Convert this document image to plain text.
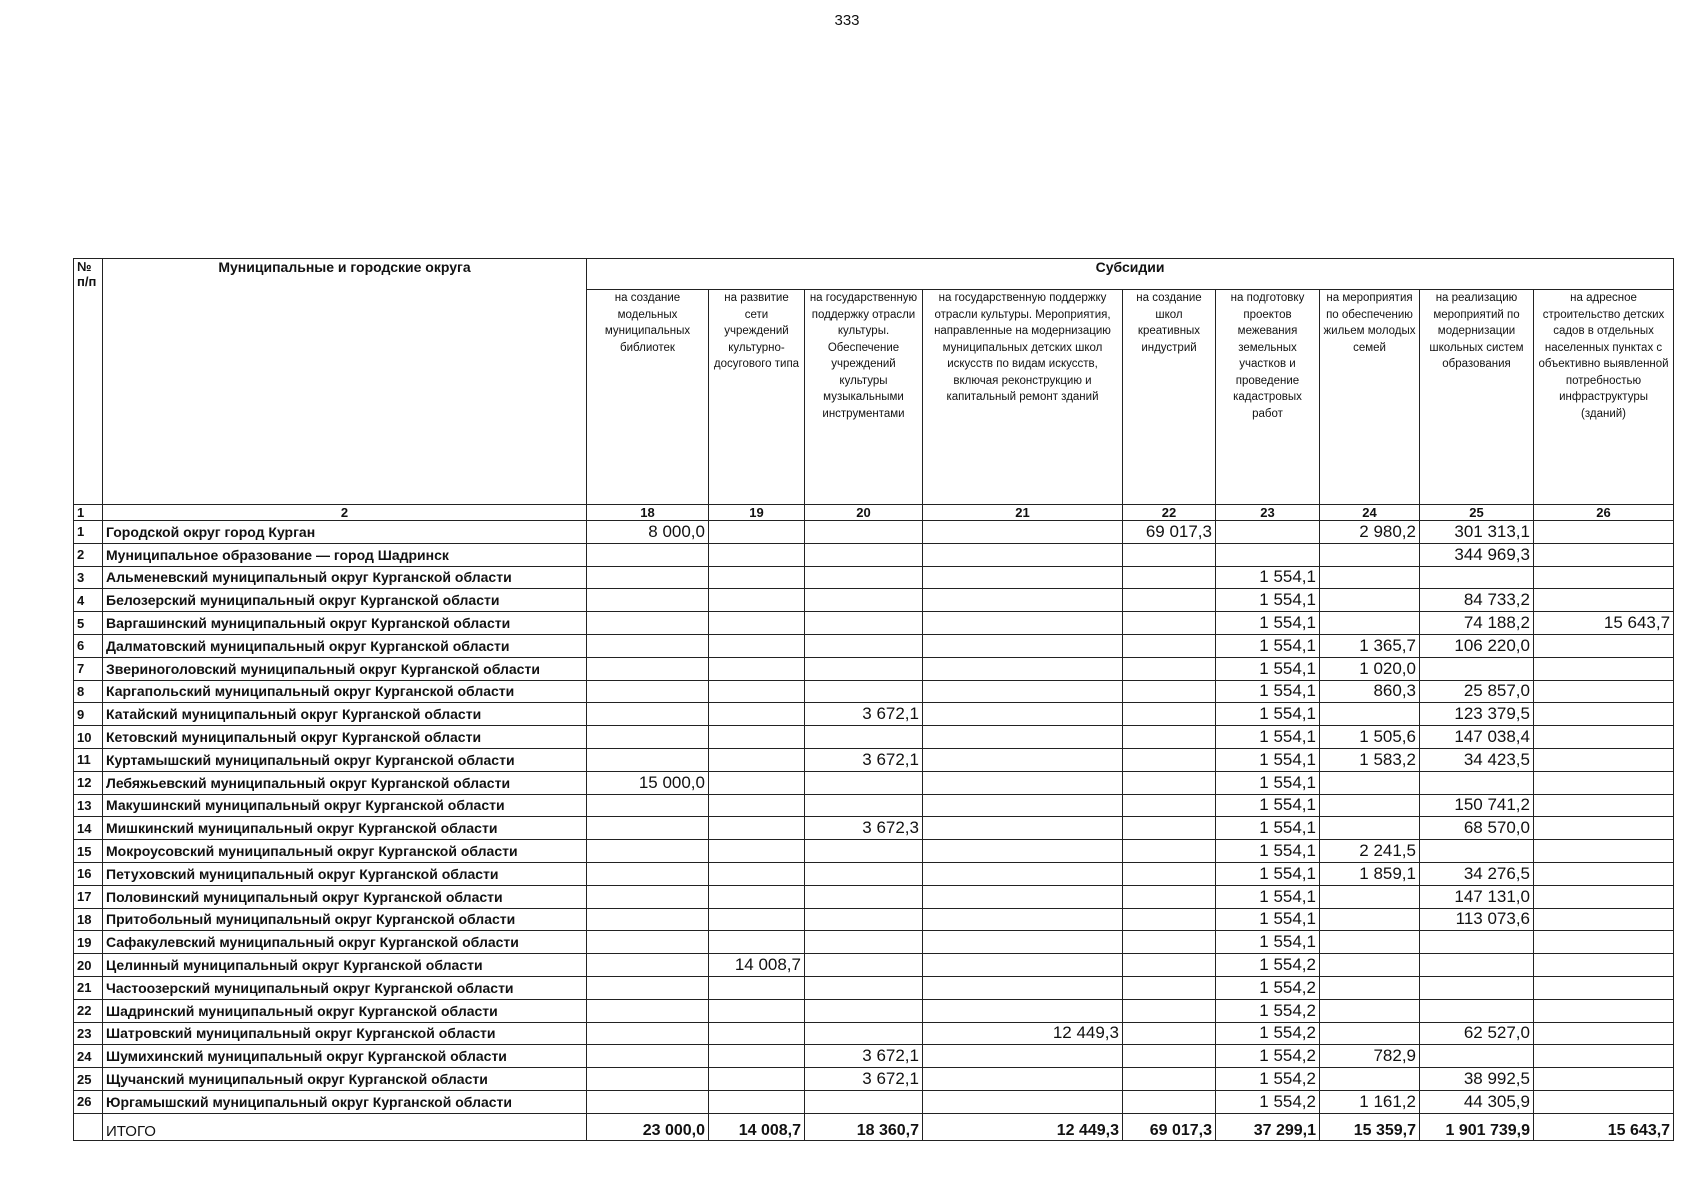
333
№ п/п	Муниципальные и городские округа	Субсидии								
		на создание модельных муниципальных библиотек	на развитие сети учреждений культурно-досугового типа	на государственную поддержку отрасли культуры. Обеспечение учреждений культуры музыкальными инструментами	на государственную поддержку отрасли культуры. Мероприятия, направленные на модернизацию муниципальных детских школ искусств по видам искусств, включая реконструкцию и капитальный ремонт зданий	на создание школ креативных индустрий	на подготовку проектов межевания земельных участков и проведение кадастровых работ	на мероприятия по обеспечению жильем молодых семей	на реализацию мероприятий по модернизации школьных систем образования	на адресное строительство детских садов в отдельных населенных пунктах с объективно выявленной потребностью инфраструктуры (зданий)
1	2	18	19	20	21	22	23	24	25	26
1	Городской округ город Курган	8 000,0				69 017,3		2 980,2	301 313,1	
2	Муниципальное образование — город Шадринск								344 969,3	
3	Альменевский муниципальный округ Курганской области						1 554,1			
4	Белозерский муниципальный округ Курганской области						1 554,1		84 733,2	
5	Варгашинский муниципальный округ Курганской области						1 554,1		74 188,2	15 643,7
6	Далматовский муниципальный округ Курганской области						1 554,1	1 365,7	106 220,0	
7	Звериноголовский муниципальный округ Курганской области						1 554,1	1 020,0		
8	Каргапольский муниципальный округ Курганской области						1 554,1	860,3	25 857,0	
9	Катайский муниципальный округ Курганской области			3 672,1			1 554,1		123 379,5	
10	Кетовский муниципальный округ Курганской области						1 554,1	1 505,6	147 038,4	
11	Куртамышский муниципальный округ Курганской области			3 672,1			1 554,1	1 583,2	34 423,5	
12	Лебяжьевский муниципальный округ Курганской области	15 000,0					1 554,1			
13	Макушинский муниципальный округ Курганской области						1 554,1		150 741,2	
14	Мишкинский муниципальный округ Курганской области			3 672,3			1 554,1		68 570,0	
15	Мокроусовский муниципальный округ Курганской области						1 554,1	2 241,5		
16	Петуховский муниципальный округ Курганской области						1 554,1	1 859,1	34 276,5	
17	Половинский муниципальный округ Курганской области						1 554,1		147 131,0	
18	Притобольный муниципальный округ Курганской области						1 554,1		113 073,6	
19	Сафакулевский муниципальный округ Курганской области						1 554,1			
20	Целинный муниципальный округ Курганской области		14 008,7				1 554,2			
21	Частоозерский муниципальный округ Курганской области						1 554,2			
22	Шадринский муниципальный округ Курганской области						1 554,2			
23	Шатровский муниципальный округ Курганской области				12 449,3		1 554,2		62 527,0	
24	Шумихинский муниципальный округ Курганской области			3 672,1			1 554,2	782,9		
25	Щучанский муниципальный округ Курганской области			3 672,1			1 554,2		38 992,5	
26	Юргамышский муниципальный округ Курганской области						1 554,2	1 161,2	44 305,9	
	ИТОГО	23 000,0	14 008,7	18 360,7	12 449,3	69 017,3	37 299,1	15 359,7	1 901 739,9	15 643,7
